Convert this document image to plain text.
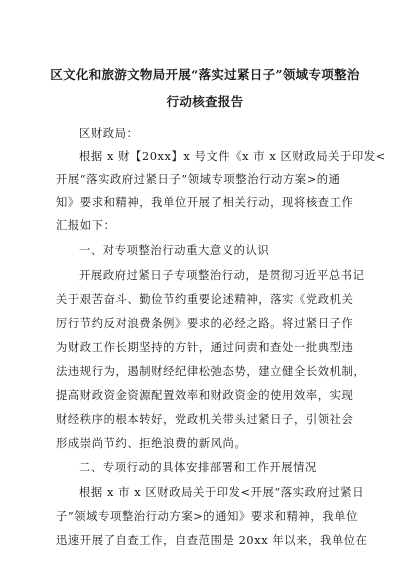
区文化和旅游文物局开展“落实过紧日子”领域专项整治
行动核查报告
区财政局：
根据 x 财【20xx】x 号文件《x 市 x 区财政局关于印发<
开展“落实政府过紧日子”领域专项整治行动方案>的通
知》要求和精神，我单位开展了相关行动，现将核查工作
汇报如下：
一、对专项整治行动重大意义的认识
开展政府过紧日子专项整治行动，是贯彻习近平总书记
关于艰苦奋斗、勤俭节约重要论述精神，落实《党政机关
厉行节约反对浪费条例》要求的必经之路。将过紧日子作
为财政工作长期坚持的方针，通过问责和查处一批典型违
法违规行为，遏制财经纪律松弛态势，建立健全长效机制，
提高财政资金资源配置效率和财政资金的使用效率，实现
财经秩序的根本转好，党政机关带头过紧日子，引领社会
形成崇尚节约、拒绝浪费的新风尚。
二、专项行动的具体安排部署和工作开展情况
根据 x 市 x 区财政局关于印发<开展“落实政府过紧日
子”领域专项整治行动方案>的通知》要求和精神，我单位
迅速开展了自查工作，自查范围是 20xx 年以来，我单位在
